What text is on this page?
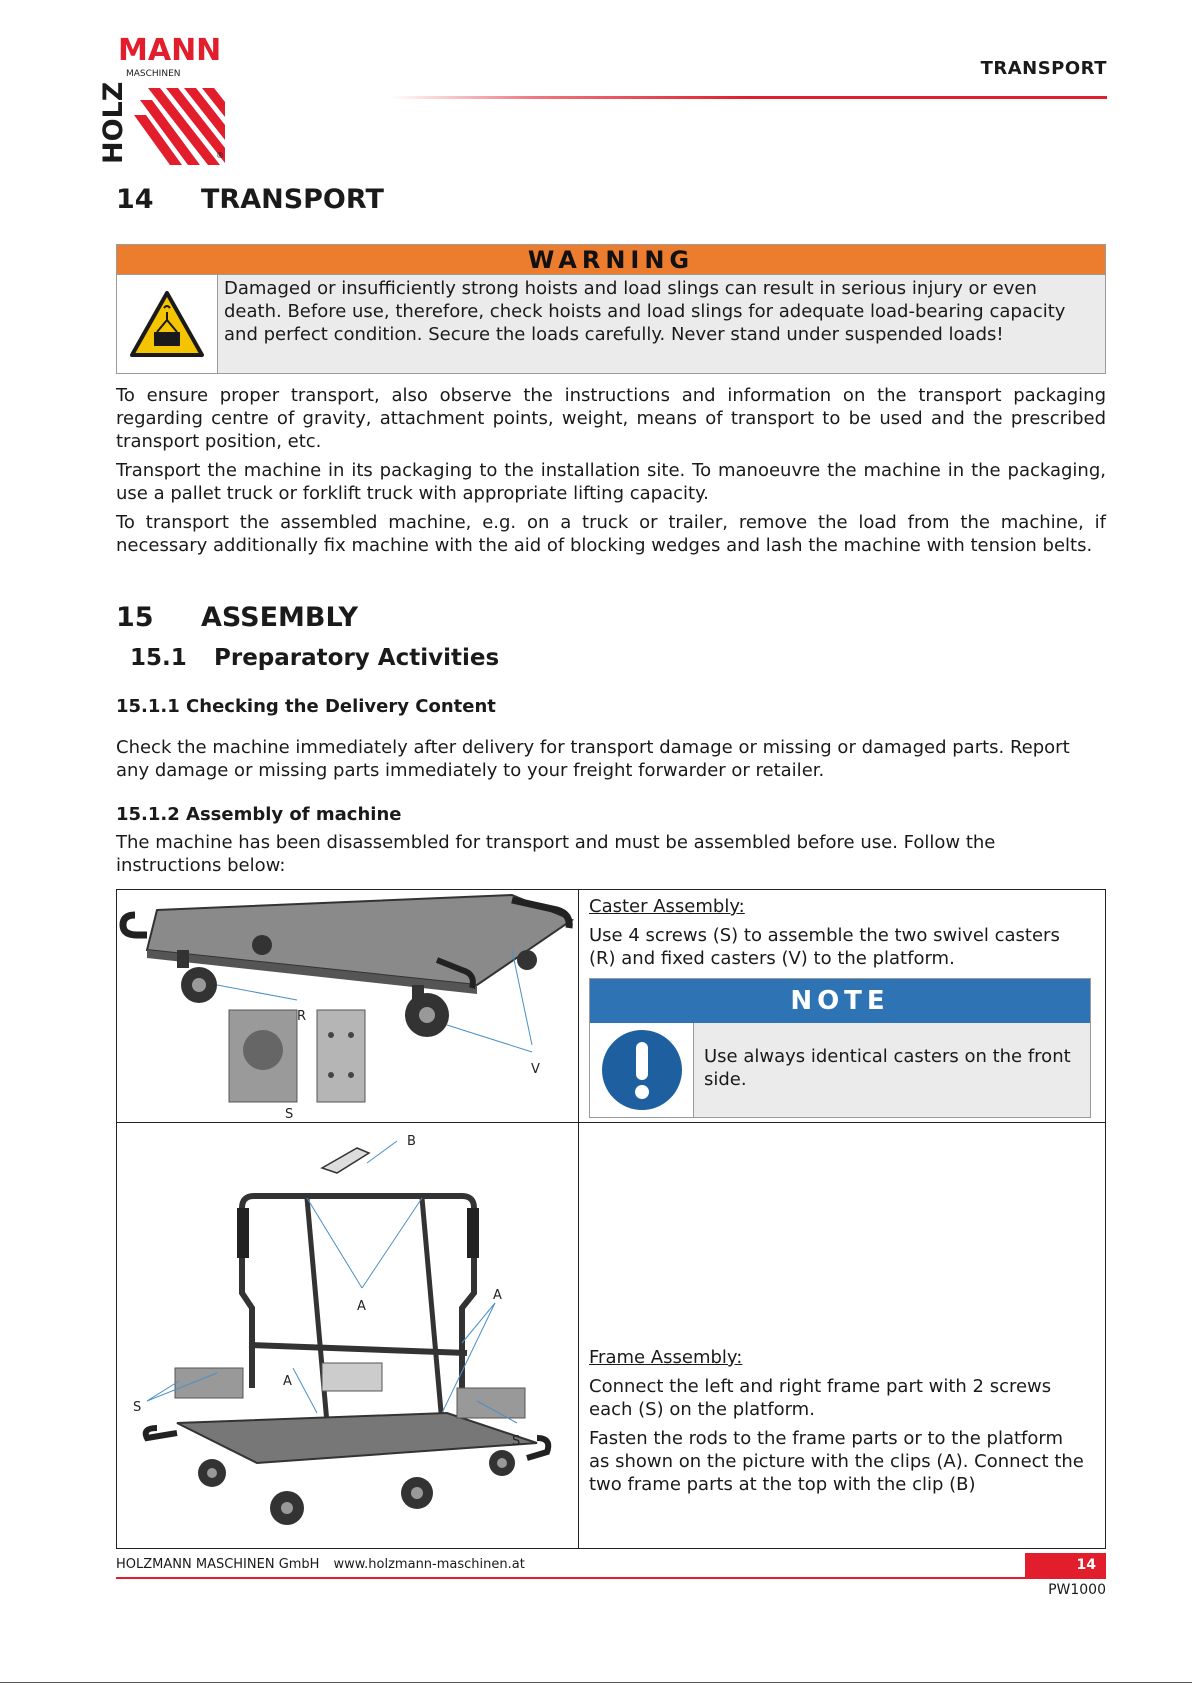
MANN
MASCHINEN
HOLZ	®
TRANSPORT
14 TRANSPORT
WARNING
Damaged or insufficiently strong hoists and load slings can result in serious injury or even death. Before use, therefore, check hoists and load slings for adequate load-bearing capacity and perfect condition. Secure the loads carefully. Never stand under suspended loads!
To ensure proper transport, also observe the instructions and information on the transport packaging regarding centre of gravity, attachment points, weight, means of transport to be used and the prescribed transport position, etc.
Transport the machine in its packaging to the installation site. To manoeuvre the machine in the packaging, use a pallet truck or forklift truck with appropriate lifting capacity.
To transport the assembled machine, e.g. on a truck or trailer, remove the load from the machine, if necessary additionally fix machine with the aid of blocking wedges and lash the machine with tension belts.
15 ASSEMBLY
15.1 Preparatory Activities
15.1.1 Checking the Delivery Content
Check the machine immediately after delivery for transport damage or missing or damaged parts. Report any damage or missing parts immediately to your freight forwarder or retailer.
15.1.2 Assembly of machine
The machine has been disassembled for transport and must be assembled before use. Follow the instructions below:
R
V
S
Caster Assembly:
Use 4 screws (S) to assemble the two swivel casters (R) and fixed casters (V) to the platform.
NOTE
Use always identical casters on the front side.
B
A
A
A
S
S
Frame Assembly:
Connect the left and right frame part with 2 screws each (S) on the platform.
Fasten the rods to the frame parts or to the platform as shown on the picture with the clips (A). Connect the two frame parts at the top with the clip (B)
HOLZMANN MASCHINEN GmbH www.holzmann-maschinen.at	14
PW1000
